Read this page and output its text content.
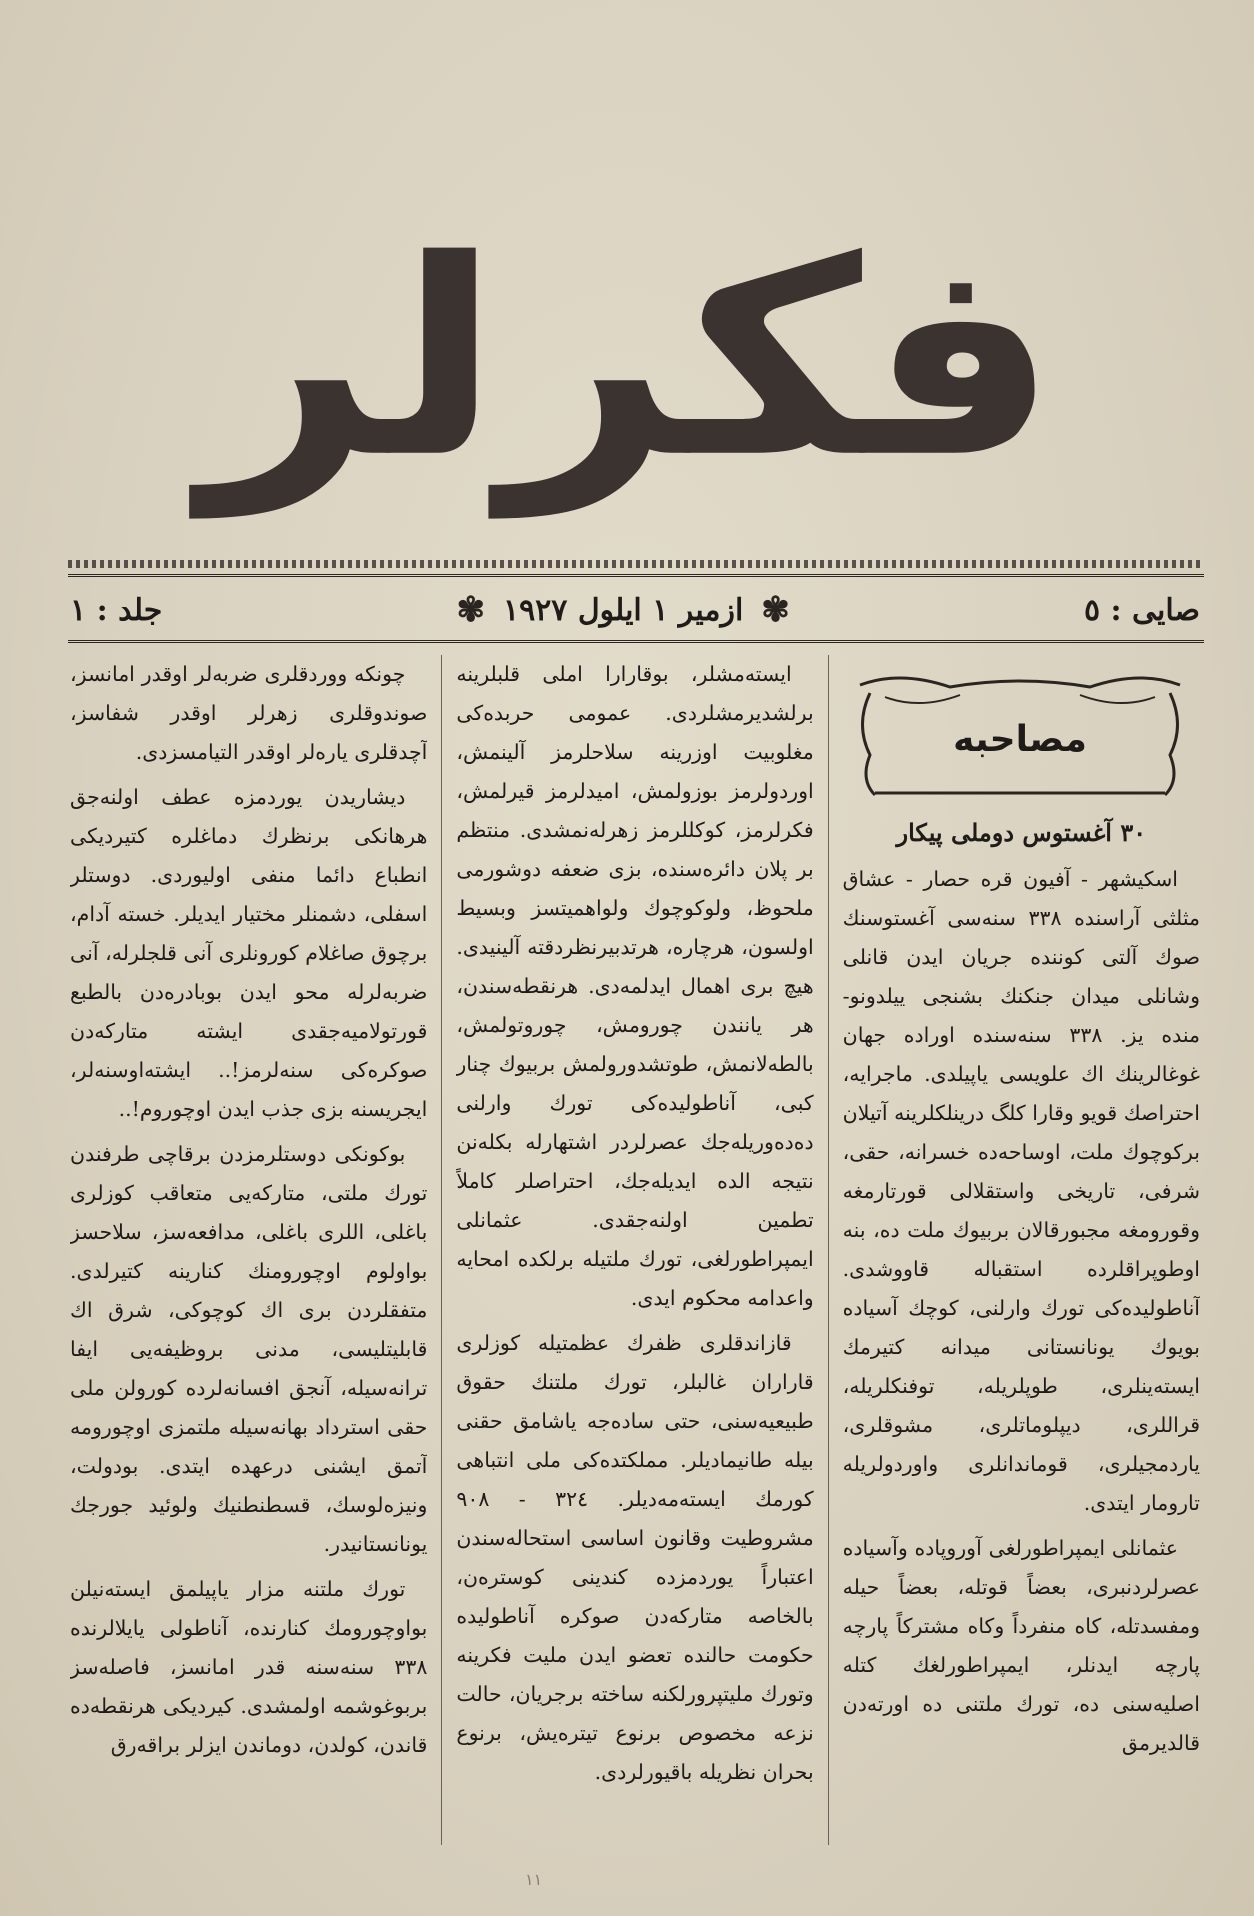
فکرلر
صایی : ٥
✾
ازمیر ١ ایلول ١٩٢٧
✾
جلد : ١
مصاحبه
٣٠ آغستوس دوملی پیکار

اسکیشهر - آفیون قره حصار - عشاق مثلثی آراسنده ٣٣٨ سنه‌سی آغستوسنك صوك آلتی کوننده جریان ایدن قانلی وشانلی میدان جنکنك بشنجی ییلدونو- منده یز. ٣٣٨ سنه‌سنده اوراده جهان غوغالرینك اك علویسی یاپیلدی. ماجرایه، احتراصك قویو وقارا کلگ درینلکلرینه آتیلان برکوچوك ملت، اوساحه‌ده خسرانه، حقی، شرفی، تاریخی واستقلالی قورتارمغه وقورومغه مجبورقالان بربیوك ملت ده، بنه اوطوپراقلرده استقباله قاووشدی. آناطولیده‌کی تورك وارلنی، کوچك آسیاده بویوك یونانستانی میدانه کتیرمك ایسته‌ینلری، طوپلریله، توفنکلریله، قراللری، دیپلوماتلری، مشوقلری، یاردمجیلری، قوماندانلری واوردولریله تارومار ایتدی.

عثمانلی ایمپراطورلغی آوروپاده وآسیاده عصرلردنبری، بعضاً قوتله، بعضاً حیله ومفسدتله، کاه منفرداً وکاه مشترکاً پارچه پارچه ایدنلر، ایمپراطورلغك کتله اصلیه‌سنی ده، تورك ملتنی ده اورته‌دن قالدیرمق

ایسته‌مشلر، بوقارارا املی قلبلرینه برلشدیرمشلردی. عمومی حربده‌کی مغلوبیت اوزرینه سلاحلرمز آلینمش، اوردولرمز بوزولمش، امیدلرمز قیرلمش، فکرلرمز، کوکللرمز زهرله‌نمشدی. منتظم بر پلان دائره‌سنده، بزی ضعفه دوشورمی ملحوظ، ولوکوچوك ولواهمیتسز وبسیط اولسون، هرچاره، هرتدبیرنظردقته آلینیدی. هیچ بری اهمال ایدلمه‌دی. هرنقطه‌سندن، هر یانندن چورومش، چوروتولمش، بالطه‌لانمش، طوتشدورولمش بربیوك چنار کبی، آناطولیده‌کی تورك وارلنی ده‌ده‌وریله‌جك عصرلردر اشتهارله بکله‌نن نتیجه الده ایدیله‌جك، احتراصلر کاملاً تطمین اولنه‌جقدی. عثمانلی ایمپراطورلغی، تورك ملتیله برلکده امحایه واعدامه محکوم ایدی.

قازاندقلری ظفرك عظمتیله کوزلری قاراران غالبلر، تورك ملتنك حقوق طبیعیه‌سنی، حتی ساده‌جه یاشامق حقنی بیله طانیمادیلر. مملکتده‌کی ملی انتباهی کورمك ایسته‌مه‌دیلر. ٣٢٤ - ٩٠٨ مشروطیت وقانون اساسی استحاله‌سندن اعتباراً یوردمزده کندینی کوستره‌ن، بالخاصه متارکه‌دن صوکره آناطولیده حکومت حالنده تعضو ایدن ملیت فکرینه وتورك ملیتپرورلکنه ساخته برجریان، حالت نزعه مخصوص برنوع تیتره‌یش، برنوع بحران نظریله باقیورلردی.

چونکه ووردقلری ضربه‌لر اوقدر امانسز، صوندوقلری زهرلر اوقدر شفاسز، آچدقلری یاره‌لر اوقدر التیامسزدی.

دیشاریدن یوردمزه عطف اولنه‌جق هرهانکی برنظرك دماغلره کتیردیکی انطباع دائما منفی اولیوردی. دوستلر اسفلی، دشمنلر مختیار ایدیلر. خسته آدام، برچوق صاغلام کورونلری آنی قلجلرله، آنی ضربه‌لرله محو ایدن بوبادره‌دن بالطبع قورتولامیه‌جقدی ایشته متارکه‌دن صوکره‌کی سنه‌لرمز!.. ایشته‌اوسنه‌لر، ایجریسنه بزی جذب ایدن اوچوروم!..

بوکونکی دوستلرمزدن برقاچی طرفندن تورك ملتی، متارکه‌یی متعاقب کوزلری باغلی، اللری باغلی، مدافعه‌سز، سلاحسز بواولوم اوچورومنك کنارینه کتیرلدی. متفقلردن بری اك کوچوکی، شرق اك قابلیتلیسی، مدنی بروظیفه‌یی ایفا ترانه‌سیله، آنجق افسانه‌لرده کورولن ملی حقی استرداد بهانه‌سیله ملتمزی اوچورومه آتمق ایشنی درعهده ایتدی. بودولت، ونیزه‌لوسك، قسطنطنیك ولوئید جورجك یونانستانیدر.

تورك ملتنه مزار یاپیلمق ایسته‌نیلن بواوچورومك کنارنده، آناطولی یایلالرنده ٣٣٨ سنه‌سنه قدر امانسز، فاصله‌سز بربوغوشمه اولمشدی. کیردیکی هرنقطه‌ده قاندن، کولدن، دوماندن ایزلر براقه‌رق

١١
